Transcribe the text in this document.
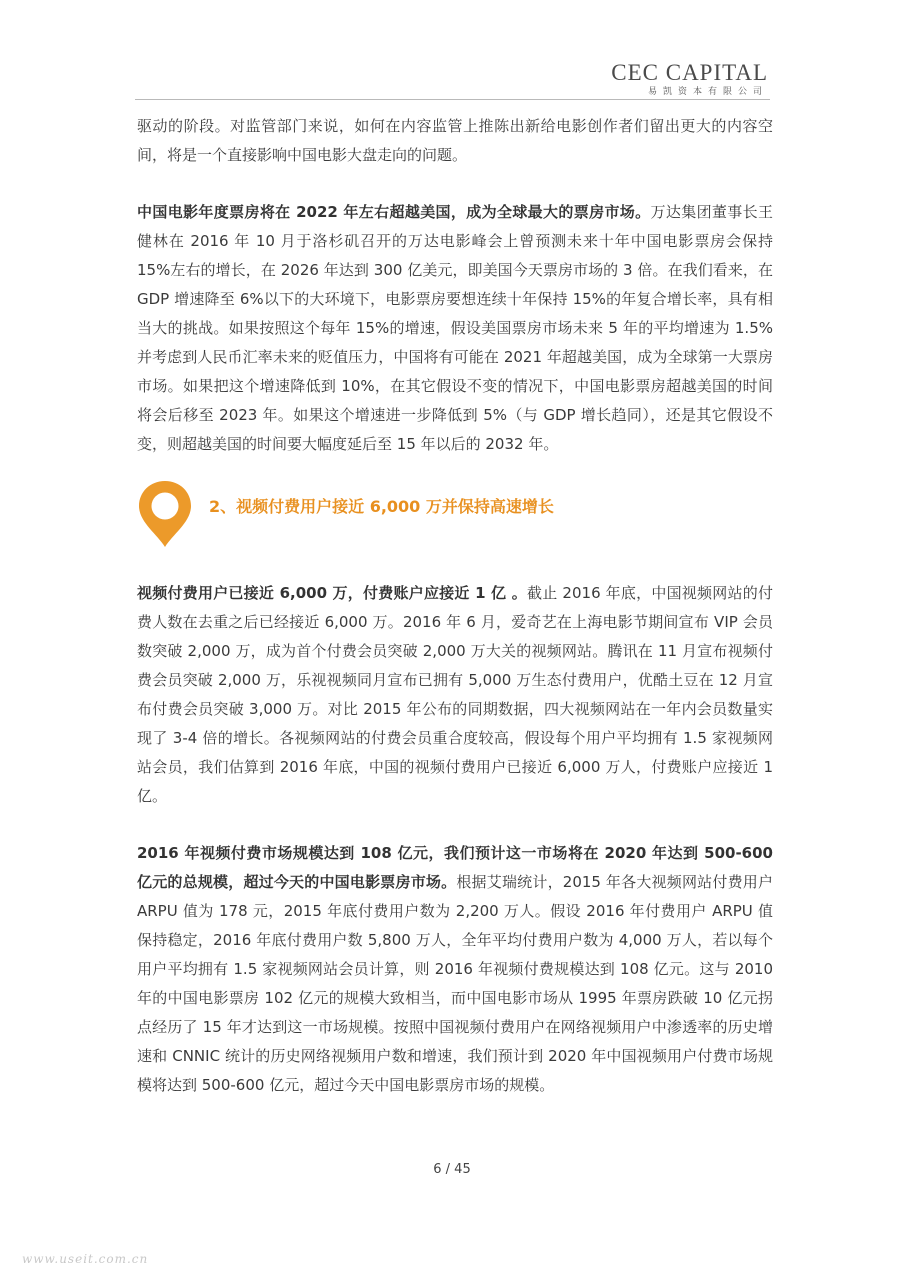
CEC CAPITAL
易凯资本有限公司

驱动的阶段。对监管部门来说，如何在内容监管上推陈出新给电影创作者们留出更大的内容空间，将是一个直接影响中国电影大盘走向的问题。

中国电影年度票房将在 2022 年左右超越美国，成为全球最大的票房市场。万达集团董事长王健林在 2016 年 10 月于洛杉矶召开的万达电影峰会上曾预测未来十年中国电影票房会保持 15%左右的增长，在 2026 年达到 300 亿美元，即美国今天票房市场的 3 倍。在我们看来，在 GDP 增速降至 6%以下的大环境下，电影票房要想连续十年保持 15%的年复合增长率，具有相当大的挑战。如果按照这个每年 15%的增速，假设美国票房市场未来 5 年的平均增速为 1.5%并考虑到人民币汇率未来的贬值压力，中国将有可能在 2021 年超越美国，成为全球第一大票房市场。如果把这个增速降低到 10%，在其它假设不变的情况下，中国电影票房超越美国的时间将会后移至 2023 年。如果这个增速进一步降低到 5%（与 GDP 增长趋同），还是其它假设不变，则超越美国的时间要大幅度延后至 15 年以后的 2032 年。

2、视频付费用户接近 6,000 万并保持高速增长

视频付费用户已接近 6,000 万，付费账户应接近 1 亿 。截止 2016 年底，中国视频网站的付费人数在去重之后已经接近 6,000 万。2016 年 6 月，爱奇艺在上海电影节期间宣布 VIP 会员数突破 2,000 万，成为首个付费会员突破 2,000 万大关的视频网站。腾讯在 11 月宣布视频付费会员突破 2,000 万，乐视视频同月宣布已拥有 5,000 万生态付费用户，优酷土豆在 12 月宣布付费会员突破 3,000 万。对比 2015 年公布的同期数据，四大视频网站在一年内会员数量实现了 3-4 倍的增长。各视频网站的付费会员重合度较高，假设每个用户平均拥有 1.5 家视频网站会员，我们估算到 2016 年底，中国的视频付费用户已接近 6,000 万人，付费账户应接近 1 亿。

2016 年视频付费市场规模达到 108 亿元，我们预计这一市场将在 2020 年达到 500-600 亿元的总规模，超过今天的中国电影票房市场。根据艾瑞统计，2015 年各大视频网站付费用户 ARPU 值为 178 元，2015 年底付费用户数为 2,200 万人。假设 2016 年付费用户 ARPU 值保持稳定，2016 年底付费用户数 5,800 万人，全年平均付费用户数为 4,000 万人，若以每个用户平均拥有 1.5 家视频网站会员计算，则 2016 年视频付费规模达到 108 亿元。这与 2010 年的中国电影票房 102 亿元的规模大致相当，而中国电影市场从 1995 年票房跌破 10 亿元拐点经历了 15 年才达到这一市场规模。按照中国视频付费用户在网络视频用户中渗透率的历史增速和 CNNIC 统计的历史网络视频用户数和增速，我们预计到 2020 年中国视频用户付费市场规模将达到 500-600 亿元，超过今天中国电影票房市场的规模。

6 / 45
www.useit.com.cn
